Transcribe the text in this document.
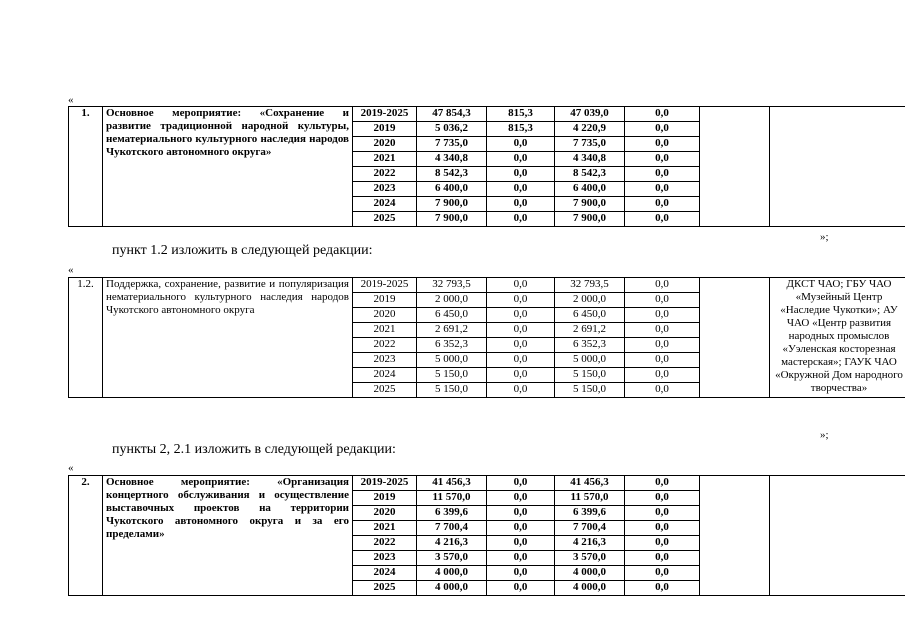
«
1.	Основное мероприятие: «Сохранение и развитие традиционной народной культуры, нематериального культурного наследия народов Чукотского автономного округа»	2019-2025	47 854,3	815,3	47 039,0	0,0		
		2019	5 036,2	815,3	4 220,9	0,0		
		2020	7 735,0	0,0	7 735,0	0,0		
		2021	4 340,8	0,0	4 340,8	0,0		
		2022	8 542,3	0,0	8 542,3	0,0		
		2023	6 400,0	0,0	6 400,0	0,0		
		2024	7 900,0	0,0	7 900,0	0,0		
		2025	7 900,0	0,0	7 900,0	0,0		
»;
пункт 1.2 изложить в следующей редакции:
«
1.2.	Поддержка, сохранение, развитие и популяризация нематериального культурного наследия народов Чукотского автономного округа	2019-2025	32 793,5	0,0	32 793,5	0,0		ДКСТ ЧАО; ГБУ ЧАО «Музейный Центр «Наследие Чукотки»; АУ ЧАО «Центр развития народных промыслов «Уэленская косторезная мастерская»; ГАУК ЧАО «Окружной Дом народного творчества»
		2019	2 000,0	0,0	2 000,0	0,0		
		2020	6 450,0	0,0	6 450,0	0,0		
		2021	2 691,2	0,0	2 691,2	0,0		
		2022	6 352,3	0,0	6 352,3	0,0		
		2023	5 000,0	0,0	5 000,0	0,0		
		2024	5 150,0	0,0	5 150,0	0,0		
		2025	5 150,0	0,0	5 150,0	0,0		
»;
пункты 2, 2.1 изложить в следующей редакции:
«
2.	Основное мероприятие: «Организация концертного обслуживания и осуществление выставочных проектов на территории Чукотского автономного округа и за его пределами»	2019-2025	41 456,3	0,0	41 456,3	0,0		
		2019	11 570,0	0,0	11 570,0	0,0		
		2020	6 399,6	0,0	6 399,6	0,0		
		2021	7 700,4	0,0	7 700,4	0,0		
		2022	4 216,3	0,0	4 216,3	0,0		
		2023	3 570,0	0,0	3 570,0	0,0		
		2024	4 000,0	0,0	4 000,0	0,0		
		2025	4 000,0	0,0	4 000,0	0,0		
